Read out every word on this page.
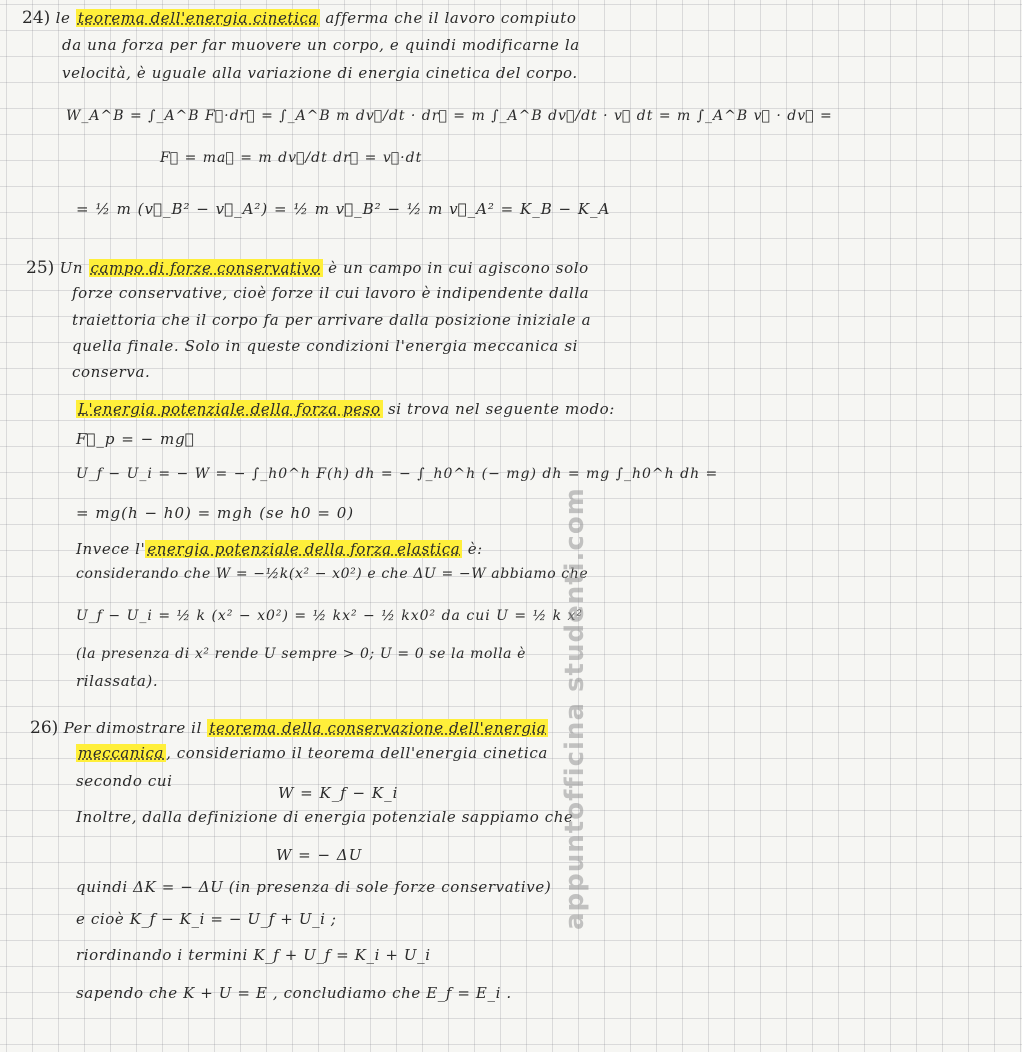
24) le teorema dell'energia cinetica afferma che il lavoro compiuto
da una forza per far muovere un corpo, e quindi modificarne la
velocità, è uguale alla variazione di energia cinetica del corpo.
W_A^B = ∫_A^B F⃗·dr⃗ = ∫_A^B m dv⃗/dt · dr⃗ = m ∫_A^B dv⃗/dt · v⃗ dt = m ∫_A^B v⃗ · dv⃗ =
F⃗ = ma⃗ = m dv⃗/dt dr⃗ = v⃗·dt
= ½ m (v⃗_B² − v⃗_A²) = ½ m v⃗_B² − ½ m v⃗_A² = K_B − K_A
25) Un campo di forze conservativo è un campo in cui agiscono solo
forze conservative, cioè forze il cui lavoro è indipendente dalla
traiettoria che il corpo fa per arrivare dalla posizione iniziale a
quella finale. Solo in queste condizioni l'energia meccanica si
conserva.
L'energia potenziale della forza peso si trova nel seguente modo:
F⃗_p = − mg⃗
U_f − U_i = − W = − ∫_h0^h F(h) dh = − ∫_h0^h (− mg) dh = mg ∫_h0^h dh =
= mg(h − h0) = mgh (se h0 = 0)
Invece l' energia potenziale della forza elastica è:
considerando che W = −½k(x² − x0²) e che ΔU = −W abbiamo che
U_f − U_i = ½ k (x² − x0²) = ½ kx² − ½ kx0² da cui U = ½ k x²
(la presenza di x² rende U sempre > 0; U = 0 se la molla è
rilassata).
26) Per dimostrare il teorema della conservazione dell'energia
meccanica , consideriamo il teorema dell'energia cinetica
secondo cui
W = K_f − K_i
Inoltre, dalla definizione di energia potenziale sappiamo che
W = − ΔU
quindi ΔK = − ΔU (in presenza di sole forze conservative)
e cioè K_f − K_i = − U_f + U_i ;
riordinando i termini K_f + U_f = K_i + U_i
sapendo che K + U = E , concludiamo che E_f = E_i .
appuntofficina studenti.com
